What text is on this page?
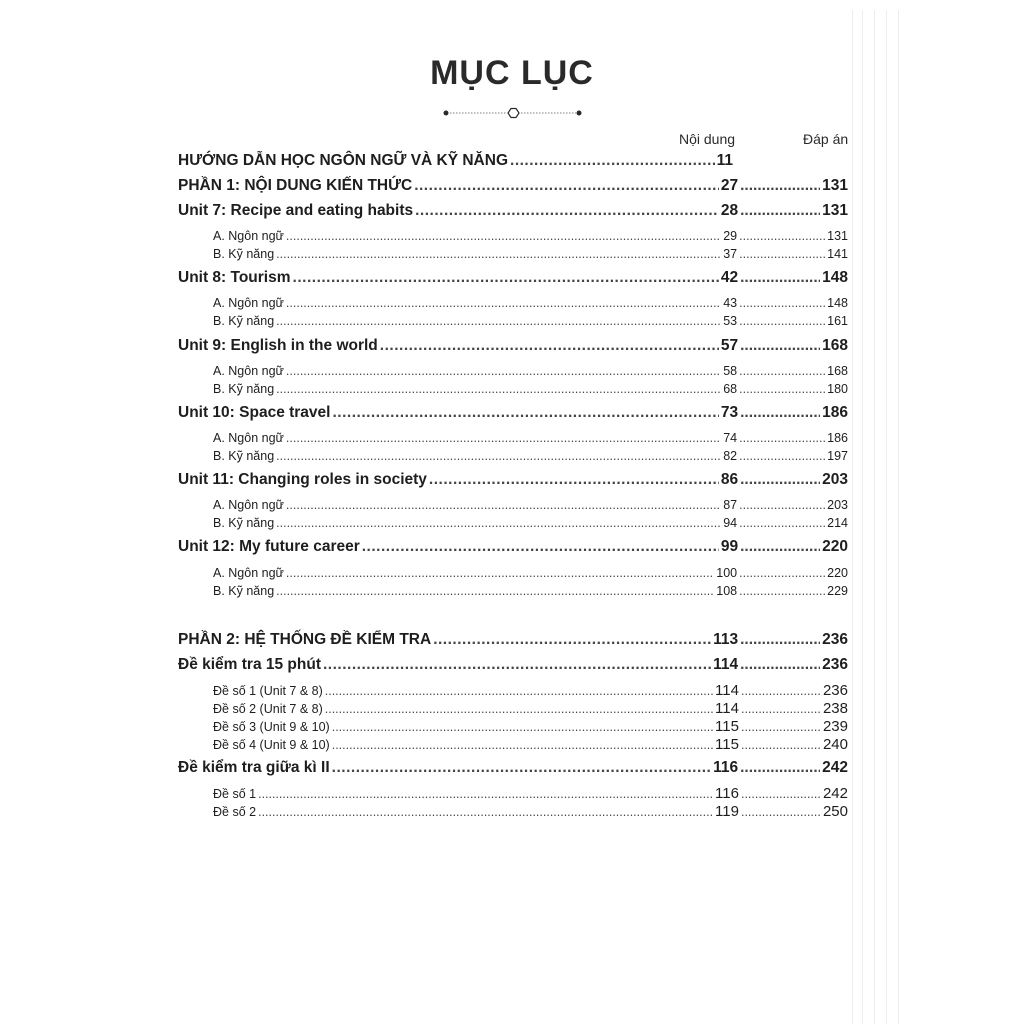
MỤC LỤC
Nội dung	Đáp án
HƯỚNG DẪN HỌC NGÔN NGỮ VÀ KỸ NĂNG .....	11
PHẦN 1: NỘI DUNG KIẾN THỨC .....	27 .....	131
Unit 7: Recipe and eating habits .....	28 .....	131
A. Ngôn ngữ .....	29 .....	131
B. Kỹ năng .....	37 .....	141
Unit 8: Tourism .....	42 .....	148
A. Ngôn ngữ .....	43 .....	148
B. Kỹ năng .....	53 .....	161
Unit 9: English in the world .....	57 .....	168
A. Ngôn ngữ .....	58 .....	168
B. Kỹ năng .....	68 .....	180
Unit 10: Space travel .....	73 .....	186
A. Ngôn ngữ .....	74 .....	186
B. Kỹ năng .....	82 .....	197
Unit 11: Changing roles in society .....	86 .....	203
A. Ngôn ngữ .....	87 .....	203
B. Kỹ năng .....	94 .....	214
Unit 12: My future career .....	99 .....	220
A. Ngôn ngữ .....	100 .....	220
B. Kỹ năng .....	108 .....	229
PHẦN 2: HỆ THỐNG ĐỀ KIỂM TRA .....	113 .....	236
Đề kiểm tra 15 phút .....	114 .....	236
Đề số 1 (Unit 7 & 8) .....	114 .....	236
Đề số 2 (Unit 7 & 8) .....	114 .....	238
Đề số 3 (Unit 9 & 10) .....	115 .....	239
Đề số 4 (Unit 9 & 10) .....	115 .....	240
Đề kiểm tra giữa kì II .....	116 .....	242
Đề số 1 .....	116 .....	242
Đề số 2 .....	119 .....	250
